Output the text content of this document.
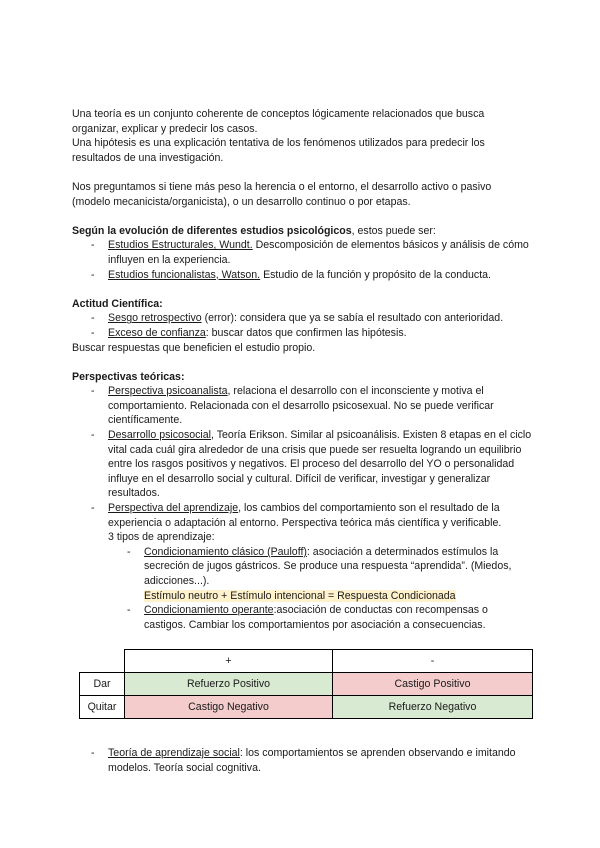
Una teoría es un conjunto coherente de conceptos lógicamente relacionados que busca organizar, explicar y predecir los casos.

Una hipótesis es una explicación tentativa de los fenómenos utilizados para predecir los resultados de una investigación.

Nos preguntamos si tiene más peso la herencia o el entorno, el desarrollo activo o pasivo (modelo mecanicista/organicista), o un desarrollo continuo o por etapas.

Según la evolución de diferentes estudios psicológicos, estos puede ser:

- Estudios Estructurales, Wundt. Descomposición de elementos básicos y análisis de cómo influyen en la experiencia.
- Estudios funcionalistas, Watson. Estudio de la función y propósito de la conducta.

Actitud Científica:

- Sesgo retrospectivo (error): considera que ya se sabía el resultado con anterioridad.
- Exceso de confianza: buscar datos que confirmen las hipótesis.

Buscar respuestas que beneficien el estudio propio.

Perspectivas teóricas:

- Perspectiva psicoanalista, relaciona el desarrollo con el inconsciente y motiva el comportamiento. Relacionada con el desarrollo psicosexual. No se puede verificar científicamente.
- Desarrollo psicosocial, Teoría Erikson. Similar al psicoanálisis. Existen 8 etapas en el ciclo vital cada cuál gira alrededor de una crisis que puede ser resuelta logrando un equilibrio entre los rasgos positivos y negativos. El proceso del desarrollo del YO o personalidad influye en el desarrollo social y cultural. Difícil de verificar, investigar y generalizar resultados.
- Perspectiva del aprendizaje, los cambios del comportamiento son el resultado de la experiencia o adaptación al entorno. Perspectiva teórica más científica y verificable.
3 tipos de aprendizaje:
- Condicionamiento clásico (Pauloff): asociación a determinados estímulos la secreción de jugos gástricos. Se produce una respuesta “aprendida”. (Miedos, adicciones...).
Estímulo neutro + Estímulo intencional = Respuesta Condicionada
- Condicionamiento operante:asociación de conductas con recompensas o castigos. Cambiar los comportamientos por asociación a consecuencias.
	+	-
Dar	Refuerzo Positivo	Castigo Positivo
Quitar	Castigo Negativo	Refuerzo Negativo
- Teoría de aprendizaje social: los comportamientos se aprenden observando e imitando modelos. Teoría social cognitiva.
